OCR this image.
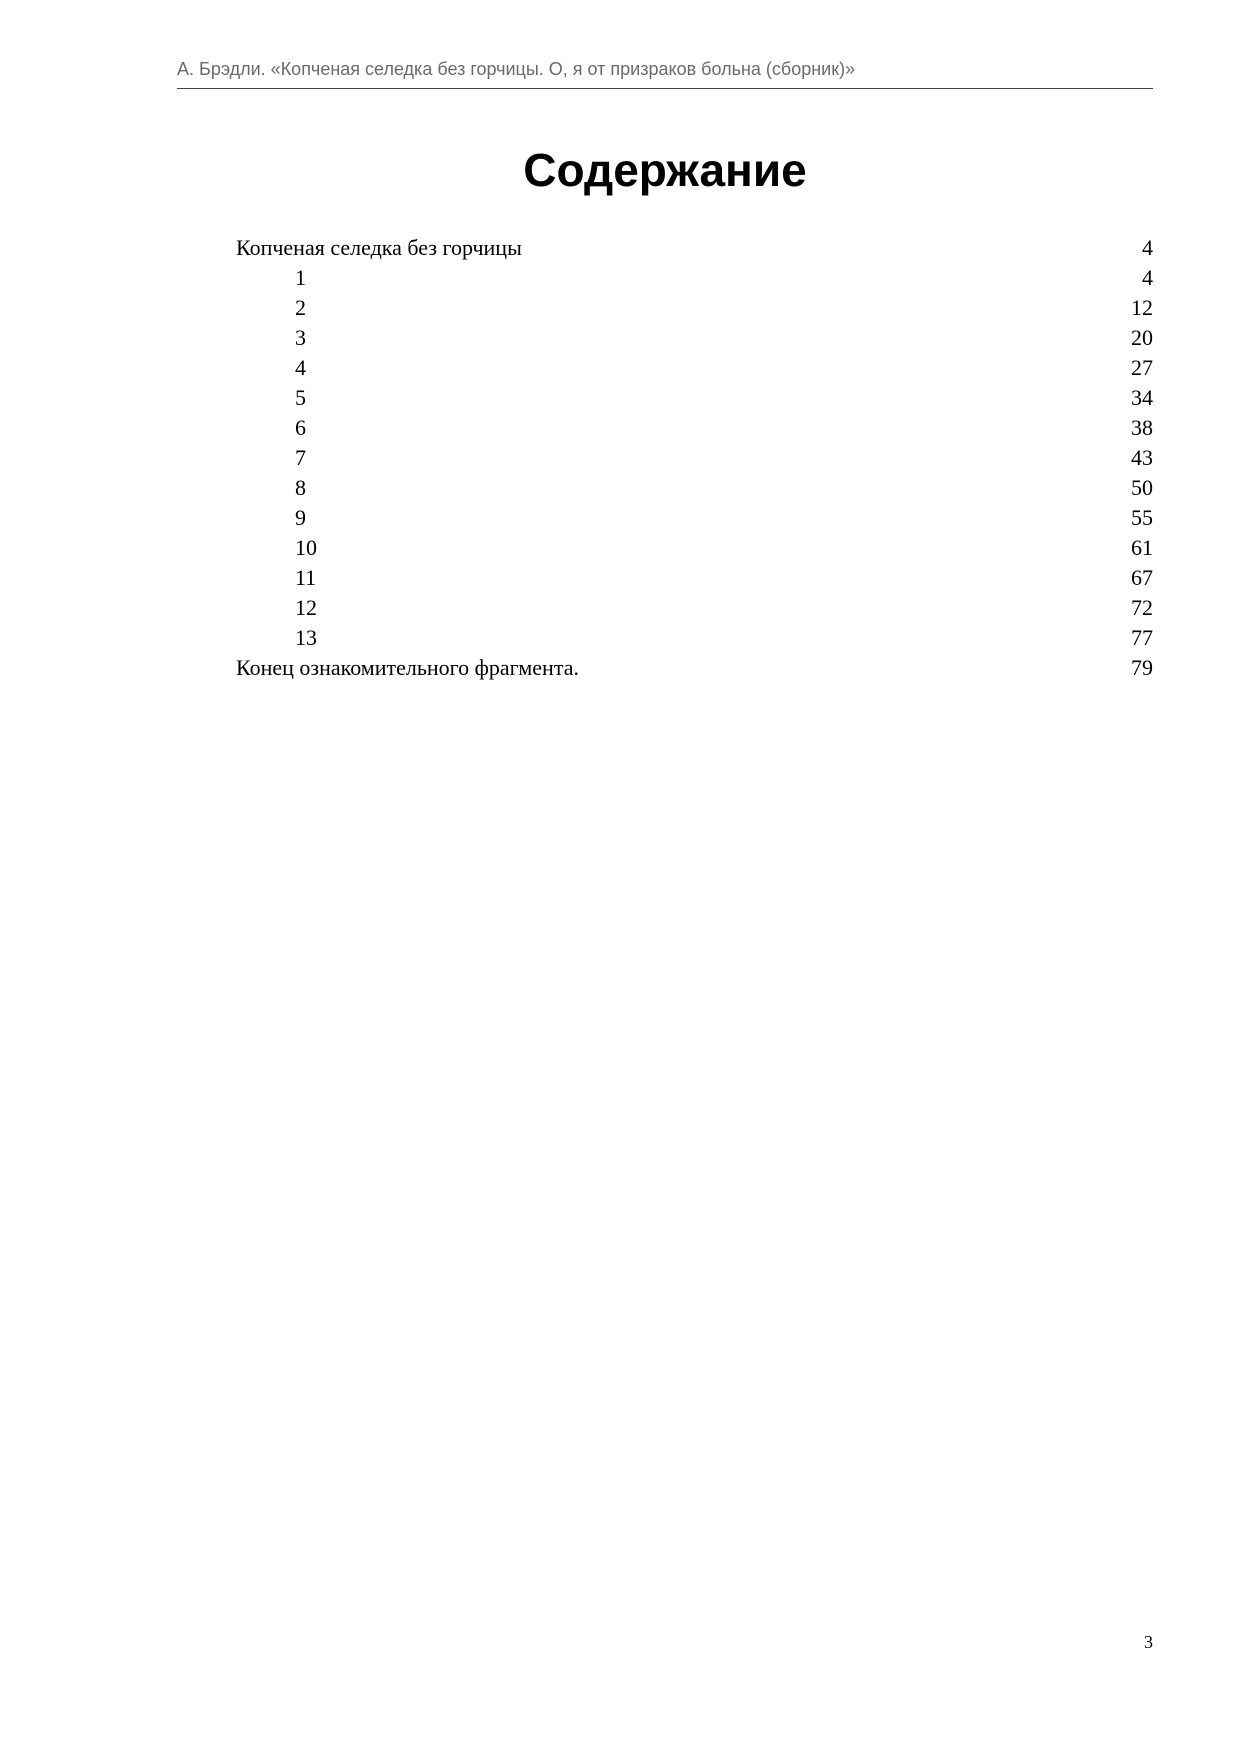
А. Брэдли. «Копченая селедка без горчицы. О, я от призраков больна (сборник)»
Содержание
Копченая селедка без горчицы	4
1	4
2	12
3	20
4	27
5	34
6	38
7	43
8	50
9	55
10	61
11	67
12	72
13	77
Конец ознакомительного фрагмента.	79
3
